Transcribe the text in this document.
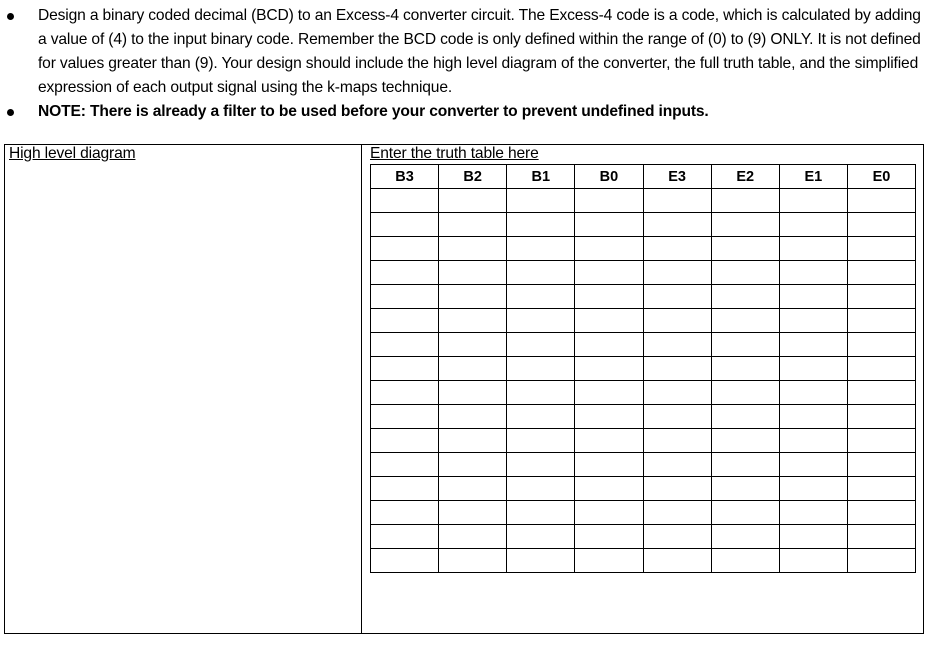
Design a binary coded decimal (BCD) to an Excess-4 converter circuit. The Excess-4 code is a code, which is calculated by adding a value of (4) to the input binary code. Remember the BCD code is only defined within the range of (0) to (9) ONLY. It is not defined for values greater than (9). Your design should include the high level diagram of the converter, the full truth table, and the simplified expression of each output signal using the k-maps technique.
NOTE: There is already a filter to be used before your converter to prevent undefined inputs.
High level diagram	Enter the truth table here
B3	B2	B1	B0	E3	E2	E1	E0
